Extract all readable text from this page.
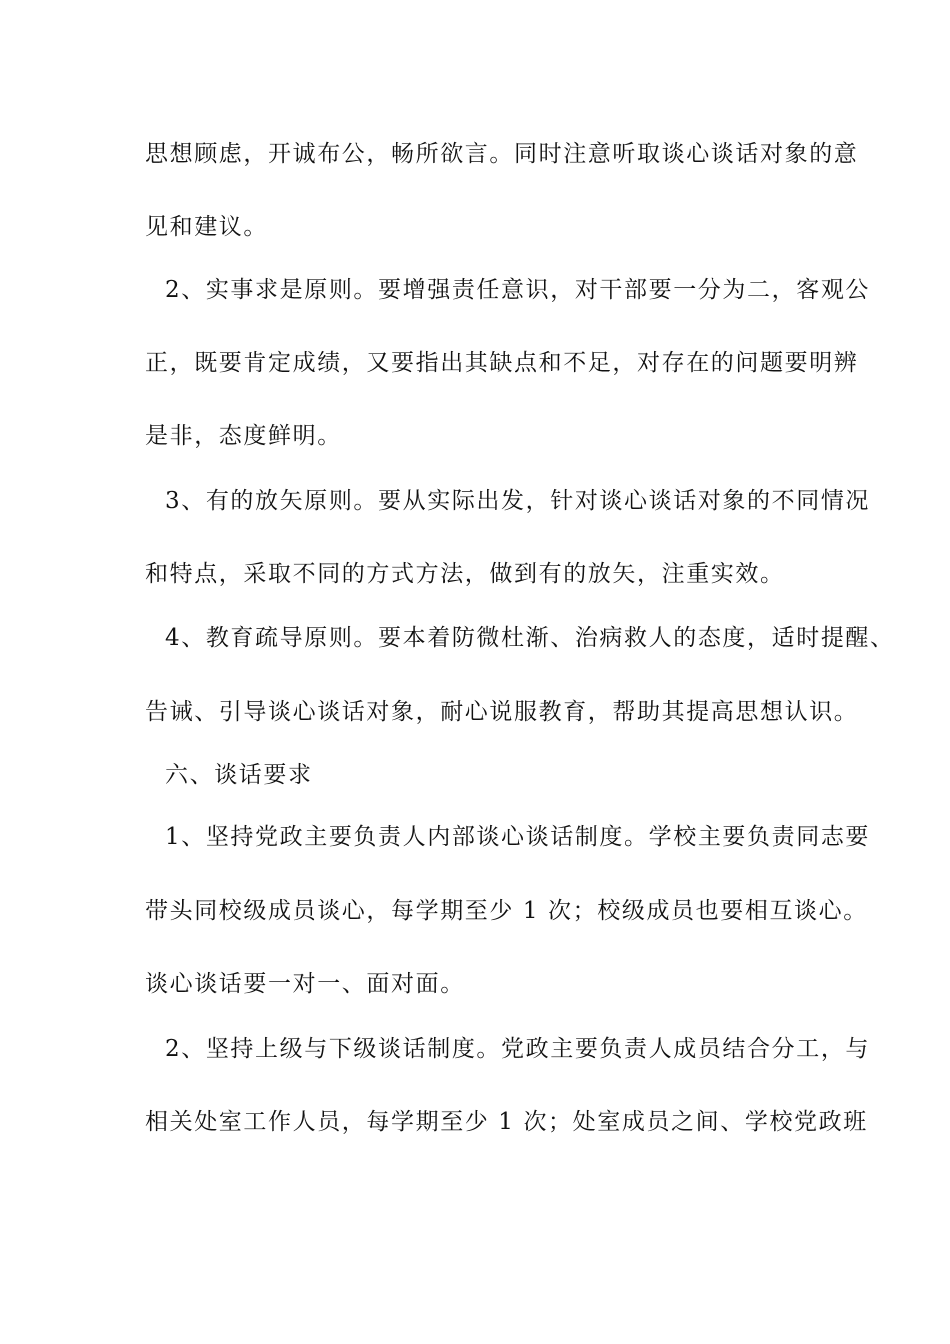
思想顾虑，开诚布公，畅所欲言。同时注意听取谈心谈话对象的意
见和建议。
2、实事求是原则。要增强责任意识，对干部要一分为二，客观公
正，既要肯定成绩，又要指出其缺点和不足，对存在的问题要明辨
是非，态度鲜明。
3、有的放矢原则。要从实际出发，针对谈心谈话对象的不同情况
和特点，采取不同的方式方法，做到有的放矢，注重实效。
4、教育疏导原则。要本着防微杜渐、治病救人的态度，适时提醒、
告诫、引导谈心谈话对象，耐心说服教育，帮助其提高思想认识。
六、谈话要求
1、坚持党政主要负责人内部谈心谈话制度。学校主要负责同志要
带头同校级成员谈心，每学期至少 1 次；校级成员也要相互谈心。
谈心谈话要一对一、面对面。
2、坚持上级与下级谈话制度。党政主要负责人成员结合分工，与
相关处室工作人员，每学期至少 1 次；处室成员之间、学校党政班
